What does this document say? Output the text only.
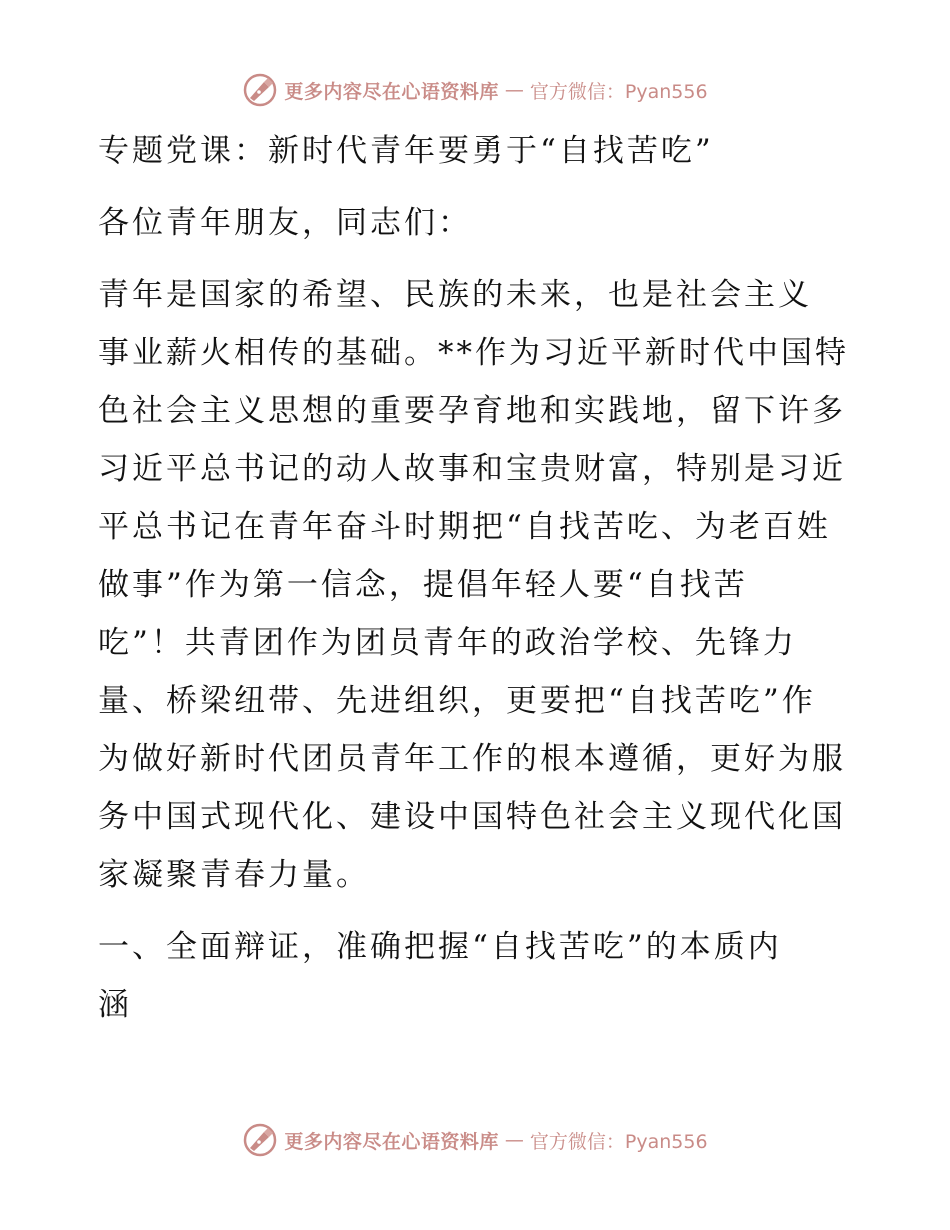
更多内容尽在心语资料库 — 官方微信：Pyan556
专题党课：新时代青年要勇于“自找苦吃”
各位青年朋友，同志们：
青年是国家的希望、民族的未来，也是社会主义
事业薪火相传的基础。**作为习近平新时代中国特
色社会主义思想的重要孕育地和实践地，留下许多
习近平总书记的动人故事和宝贵财富，特别是习近
平总书记在青年奋斗时期把“自找苦吃、为老百姓
做事”作为第一信念，提倡年轻人要“自找苦
吃”！共青团作为团员青年的政治学校、先锋力
量、桥梁纽带、先进组织，更要把“自找苦吃”作
为做好新时代团员青年工作的根本遵循，更好为服
务中国式现代化、建设中国特色社会主义现代化国
家凝聚青春力量。
一、全面辩证，准确把握“自找苦吃”的本质内
涵
更多内容尽在心语资料库 — 官方微信：Pyan556
